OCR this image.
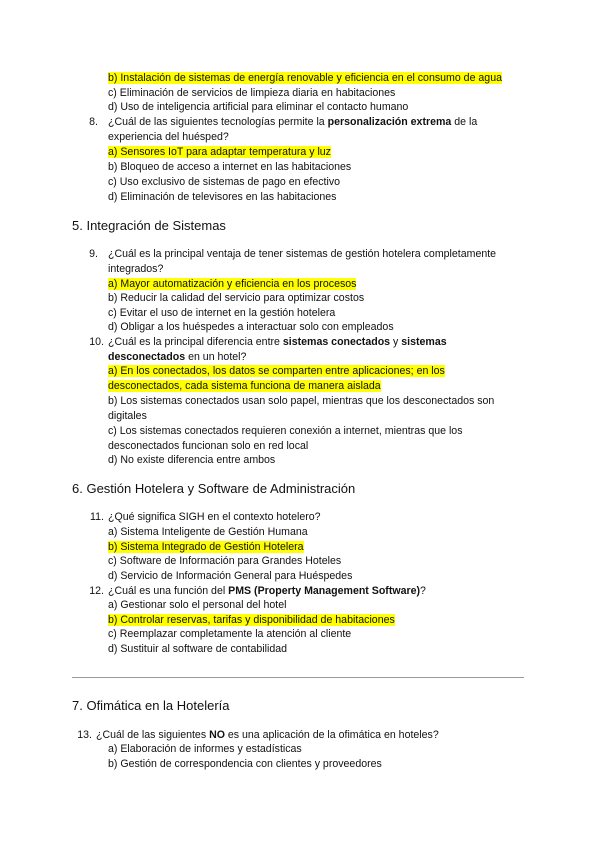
b) Instalación de sistemas de energía renovable y eficiencia en el consumo de agua
c) Eliminación de servicios de limpieza diaria en habitaciones
d) Uso de inteligencia artificial para eliminar el contacto humano
8. ¿Cuál de las siguientes tecnologías permite la personalización extrema de la
experiencia del huésped?
a) Sensores IoT para adaptar temperatura y luz
b) Bloqueo de acceso a internet en las habitaciones
c) Uso exclusivo de sistemas de pago en efectivo
d) Eliminación de televisores en las habitaciones
5. Integración de Sistemas
9. ¿Cuál es la principal ventaja de tener sistemas de gestión hotelera completamente
integrados?
a) Mayor automatización y eficiencia en los procesos
b) Reducir la calidad del servicio para optimizar costos
c) Evitar el uso de internet en la gestión hotelera
d) Obligar a los huéspedes a interactuar solo con empleados
10. ¿Cuál es la principal diferencia entre sistemas conectados y sistemas
desconectados en un hotel?
a) En los conectados, los datos se comparten entre aplicaciones; en los
desconectados, cada sistema funciona de manera aislada
b) Los sistemas conectados usan solo papel, mientras que los desconectados son
digitales
c) Los sistemas conectados requieren conexión a internet, mientras que los
desconectados funcionan solo en red local
d) No existe diferencia entre ambos
6. Gestión Hotelera y Software de Administración
11. ¿Qué significa SIGH en el contexto hotelero?
a) Sistema Inteligente de Gestión Humana
b) Sistema Integrado de Gestión Hotelera
c) Software de Información para Grandes Hoteles
d) Servicio de Información General para Huéspedes
12. ¿Cuál es una función del PMS (Property Management Software)?
a) Gestionar solo el personal del hotel
b) Controlar reservas, tarifas y disponibilidad de habitaciones
c) Reemplazar completamente la atención al cliente
d) Sustituir al software de contabilidad
7. Ofimática en la Hotelería
13. ¿Cuál de las siguientes NO es una aplicación de la ofimática en hoteles?
a) Elaboración de informes y estadísticas
b) Gestión de correspondencia con clientes y proveedores
